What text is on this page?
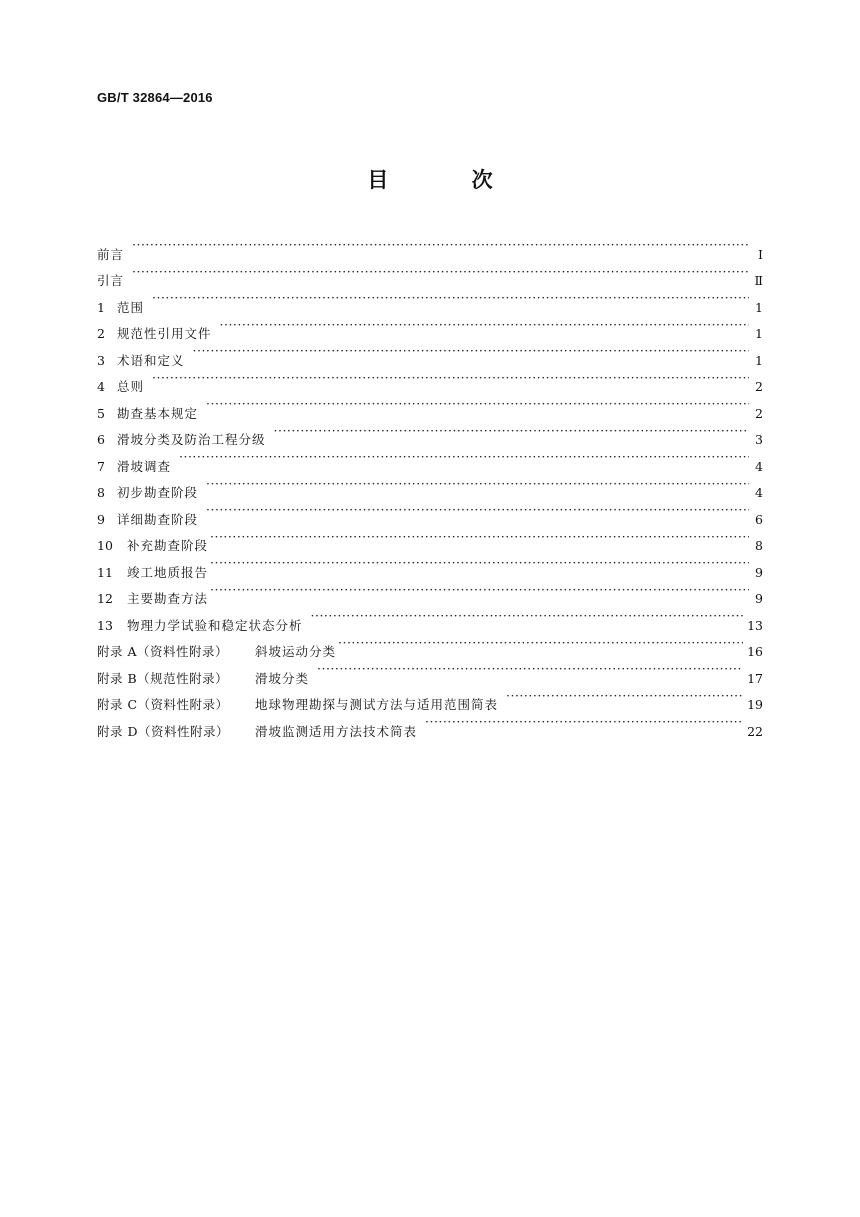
GB/T 32864—2016
目 次
前言 ·····	Ⅰ
引言 ·····	Ⅱ
1 范围 ·····	1
2 规范性引用文件 ·····	1
3 术语和定义 ·····	1
4 总则 ·····	2
5 勘查基本规定 ·····	2
6 滑坡分类及防治工程分级 ·····	3
7 滑坡调查 ·····	4
8 初步勘查阶段 ·····	4
9 详细勘查阶段 ·····	6
10	补充勘查阶段 ·····	8
11	竣工地质报告 ·····	9
12	主要勘查方法 ·····	9
13	物理力学试验和稳定状态分析 ·····	13
附录 A（资料性附录）	斜坡运动分类 ·····	16
附录 B（规范性附录）	滑坡分类 ·····	17
附录 C（资料性附录）	地球物理勘探与测试方法与适用范围简表 ·····	19
附录 D（资料性附录）	滑坡监测适用方法技术简表 ·····	22
